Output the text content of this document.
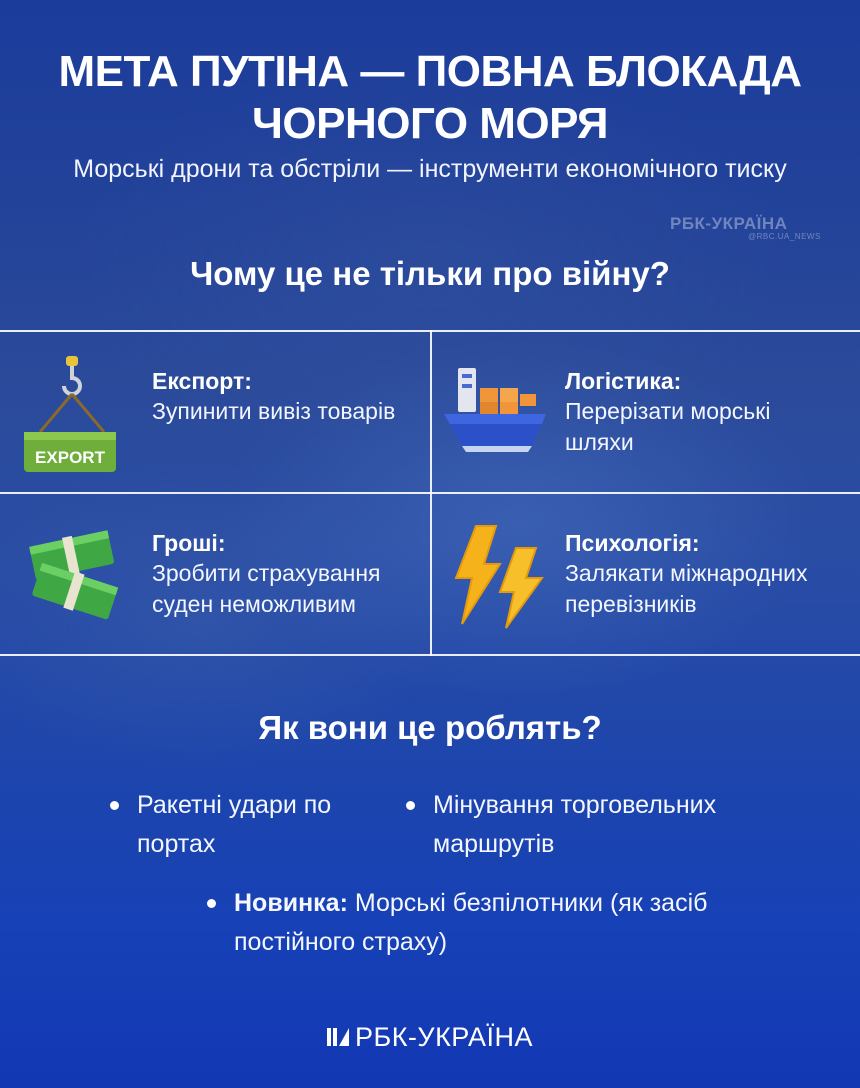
МЕТА ПУТІНА — ПОВНА БЛОКАДА
ЧОРНОГО МОРЯ
Морські дрони та обстріли — інструменти економічного тиску
РБК-УКРАЇНА
@RBC.UA_NEWS
Чому це не тільки про війну?
EXPORT
Експорт:
Зупинити вивіз товарів
Логістика:
Перерізати морські шляхи
Гроші:
Зробити страхування суден неможливим
Психологія:
Залякати міжнародних перевізників
Як вони це роблять?
Ракетні удари по портах
Мінування торговельних маршрутів
Новинка: Морські безпілотники (як засіб постійного страху)
РБК-УКРАЇНА
